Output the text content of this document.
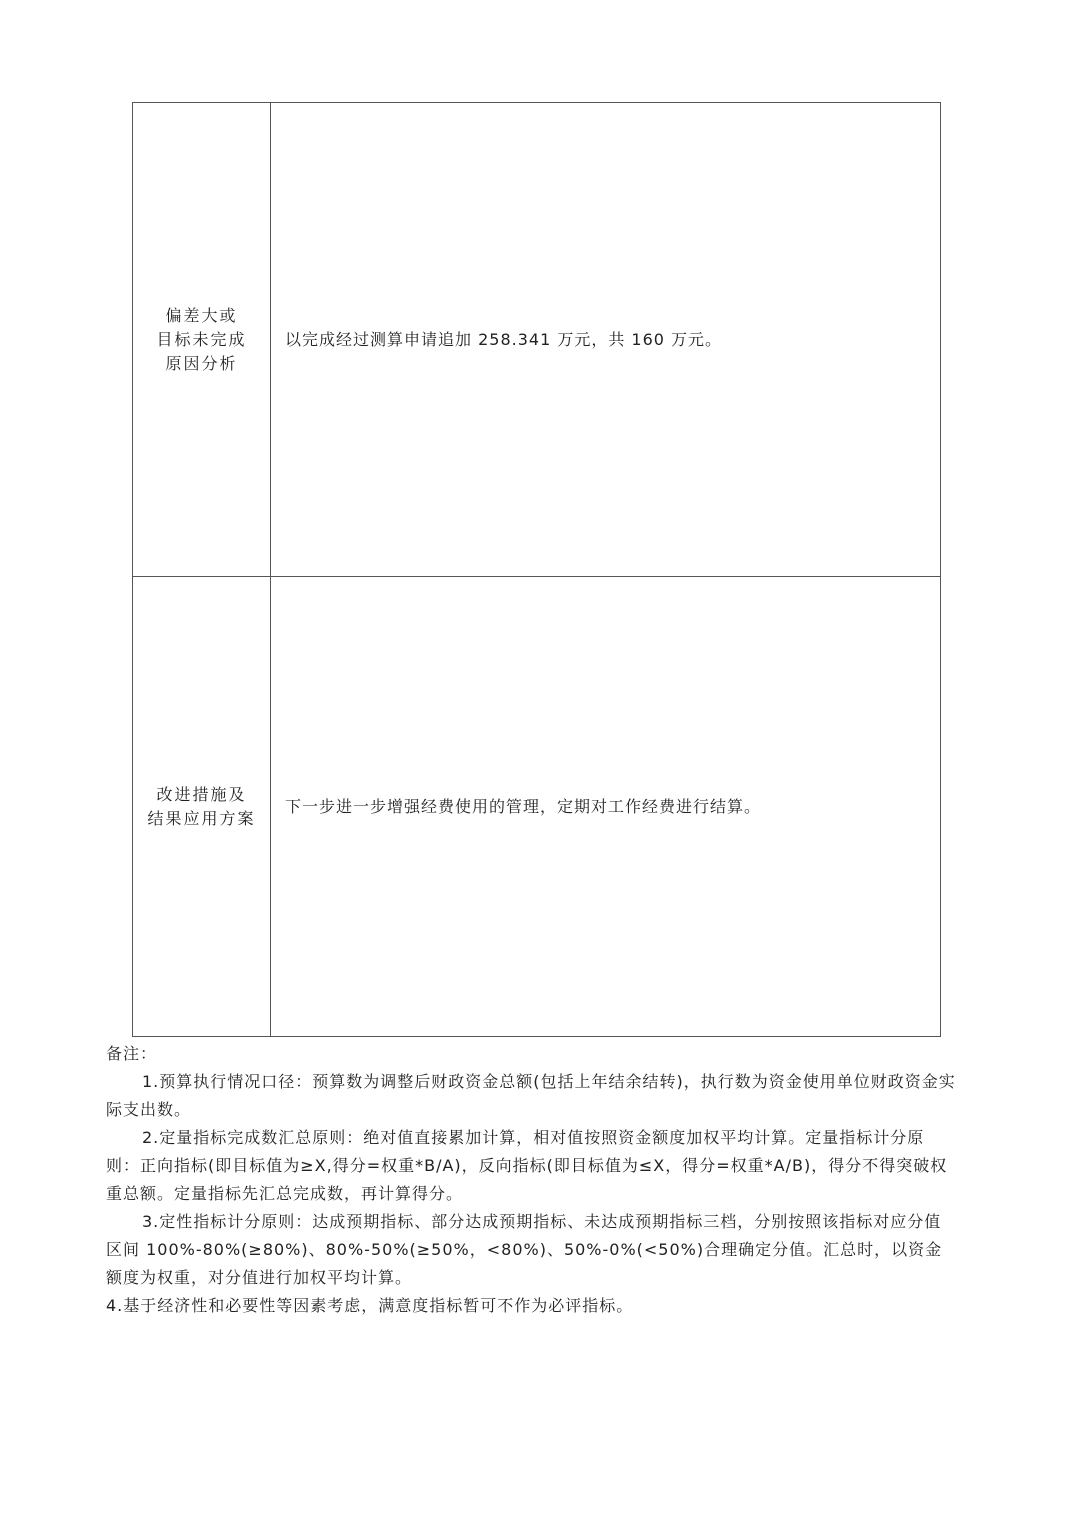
偏差大或
目标未完成
原因分析	以完成经过测算申请追加 258.341 万元，共 160 万元。

改进措施及
结果应用方案	下一步进一步增强经费使用的管理，定期对工作经费进行结算。

备注：

1.预算执行情况口径：预算数为调整后财政资金总额(包括上年结余结转)，执行数为资金使用单位财政资金实际支出数。

2.定量指标完成数汇总原则：绝对值直接累加计算，相对值按照资金额度加权平均计算。定量指标计分原则：正向指标(即目标值为≥X,得分=权重*B/A)，反向指标(即目标值为≤X，得分=权重*A/B)，得分不得突破权重总额。定量指标先汇总完成数，再计算得分。

3.定性指标计分原则：达成预期指标、部分达成预期指标、未达成预期指标三档，分别按照该指标对应分值区间 100%-80%(≥80%)、80%-50%(≥50%，<80%)、50%-0%(<50%)合理确定分值。汇总时，以资金额度为权重，对分值进行加权平均计算。

4.基于经济性和必要性等因素考虑，满意度指标暂可不作为必评指标。
